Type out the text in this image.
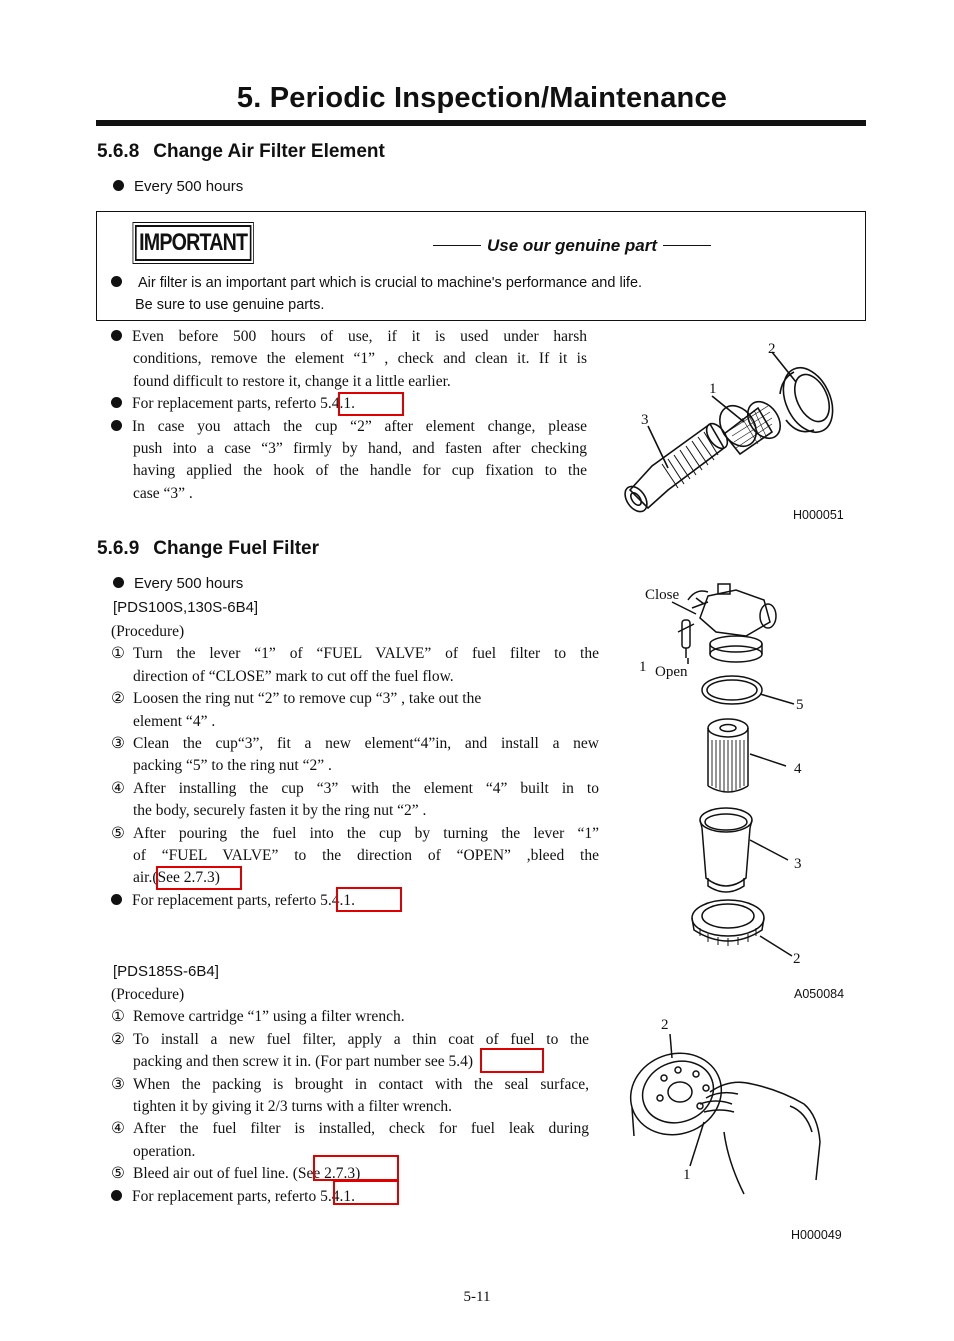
5. Periodic Inspection/Maintenance
5.6.8 Change Air Filter Element
Every 500 hours
IMPORTANT	Use our genuine part
Air filter is an important part which is crucial to machine's performance and life.
Be sure to use genuine parts.
Even before 500 hours of use, if it is used under harsh
conditions, remove the element “1” , check and clean it. If it is
found difficult to restore it, change it a little earlier.
For replacement parts, referto 5.4.1.
In case you attach the cup “2” after element change, please
push into a case “3” firmly by hand, and fasten after checking
having applied the hook of the handle for cup fixation to the
case “3” .
2
1
3
H000051
5.6.9 Change Fuel Filter
Every 500 hours
[PDS100S,130S-6B4]
(Procedure)
① Turn the lever “1” of “FUEL VALVE” of fuel filter to the
direction of “CLOSE” mark to cut off the fuel flow.
② Loosen the ring nut “2” to remove cup “3” , take out the
element “4” .
③ Clean the cup“3”, fit a new element“4”in, and install a new
packing “5” to the ring nut “2” .
④ After installing the cup “3” with the element “4” built in to
the body, securely fasten it by the ring nut “2” .
⑤ After pouring the fuel into the cup by turning the lever “1”
of “FUEL VALVE” to the direction of “OPEN” ,bleed the
air.(See 2.7.3)
For replacement parts, referto 5.4.1.
Close
1 Open
5
4
3
2
A050084
[PDS185S-6B4]
(Procedure)
① Remove cartridge “1” using a filter wrench.
② To install a new fuel filter, apply a thin coat of fuel to the
packing and then screw it in. (For part number see 5.4)
③ When the packing is brought in contact with the seal surface,
tighten it by giving it 2/3 turns with a filter wrench.
④ After the fuel filter is installed, check for fuel leak during
operation.
⑤ Bleed air out of fuel line. (See 2.7.3)
For replacement parts, referto 5.4.1.
2
1
H000049
5-11
